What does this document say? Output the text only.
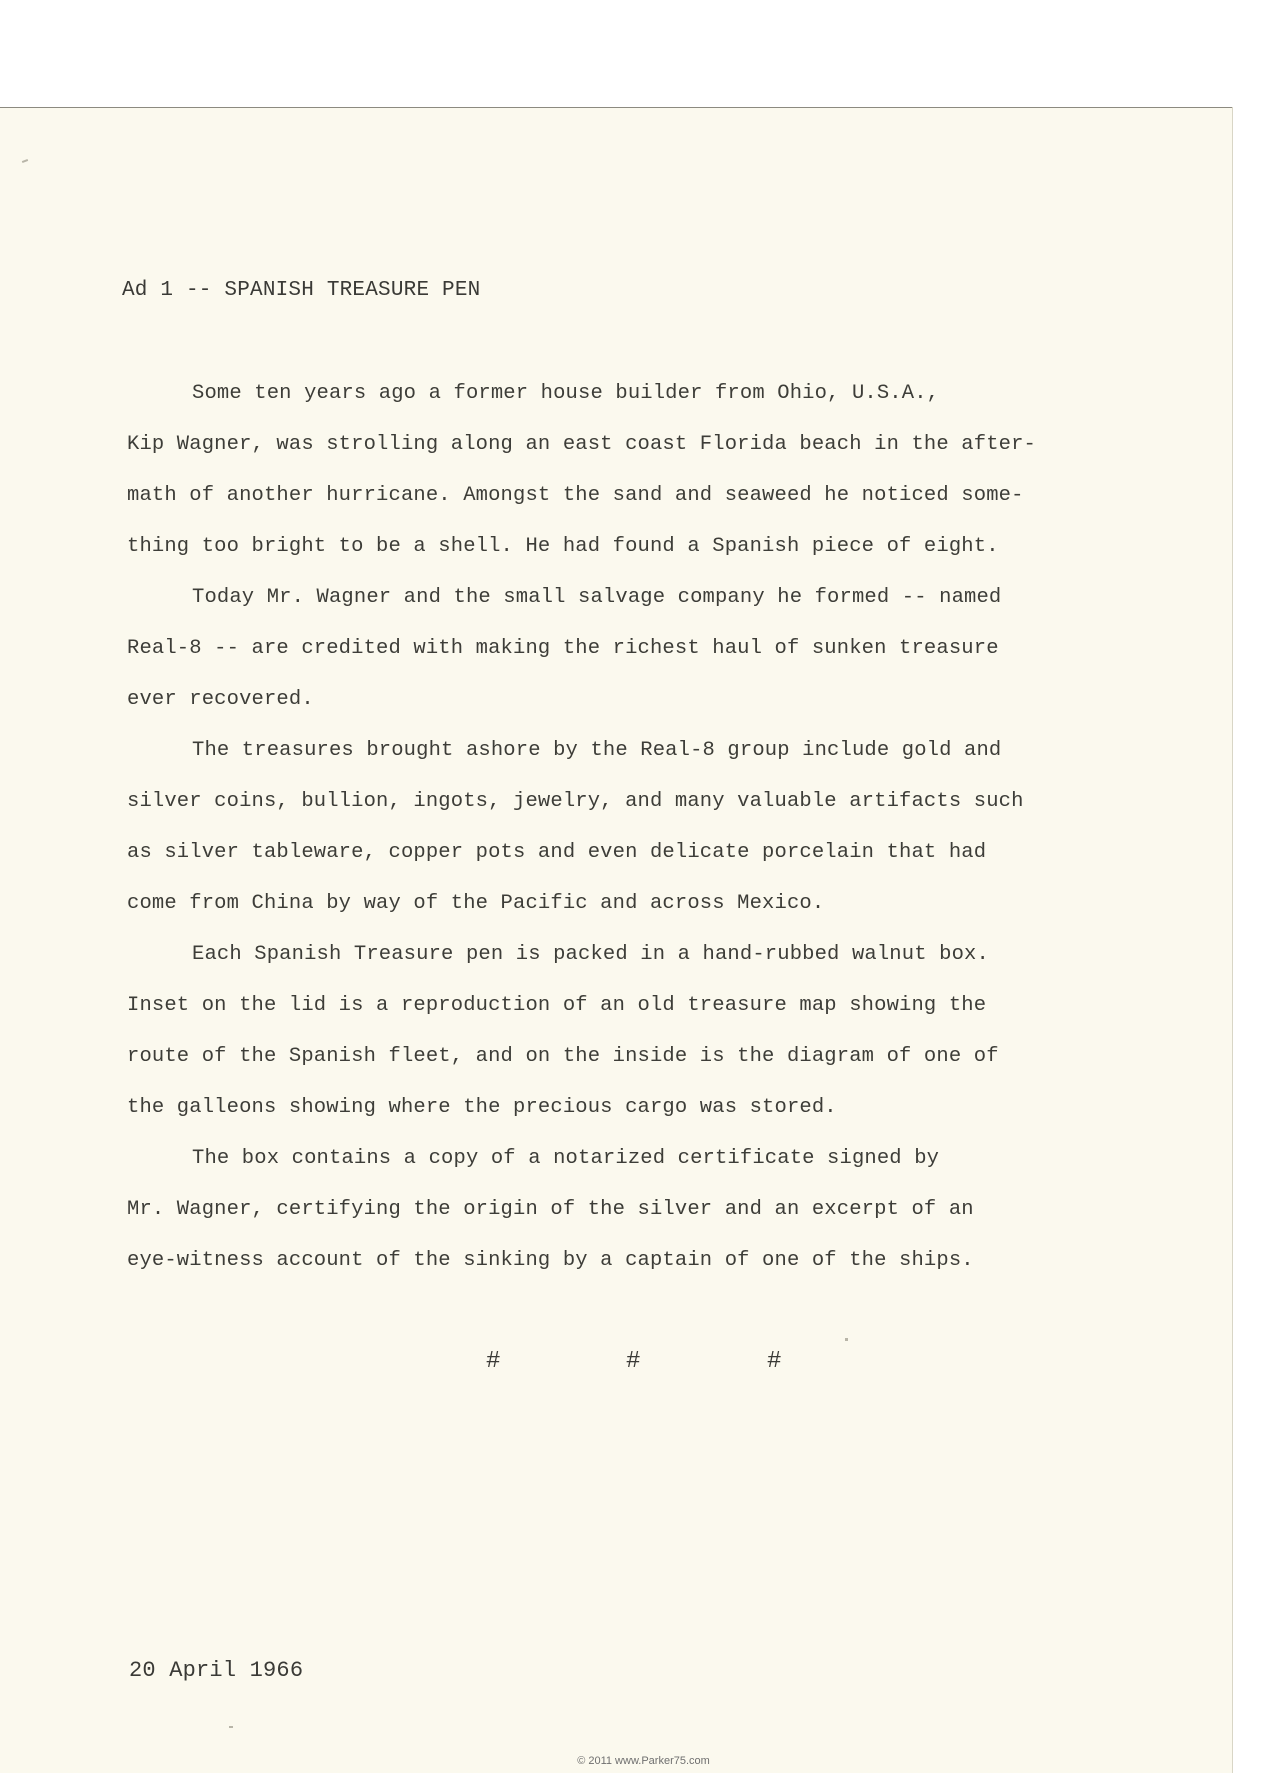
Ad 1 -- SPANISH TREASURE PEN
Some ten years ago a former house builder from Ohio, U.S.A.,
Kip Wagner, was strolling along an east coast Florida beach in the after-
math of another hurricane. Amongst the sand and seaweed he noticed some-
thing too bright to be a shell. He had found a Spanish piece of eight.
Today Mr. Wagner and the small salvage company he formed -- named
Real-8 -- are credited with making the richest haul of sunken treasure
ever recovered.
The treasures brought ashore by the Real-8 group include gold and
silver coins, bullion, ingots, jewelry, and many valuable artifacts such
as silver tableware, copper pots and even delicate porcelain that had
come from China by way of the Pacific and across Mexico.
Each Spanish Treasure pen is packed in a hand-rubbed walnut box.
Inset on the lid is a reproduction of an old treasure map showing the
route of the Spanish fleet, and on the inside is the diagram of one of
the galleons showing where the precious cargo was stored.
The box contains a copy of a notarized certificate signed by
Mr. Wagner, certifying the origin of the silver and an excerpt of an
eye-witness account of the sinking by a captain of one of the ships.
#	#	#
20 April 1966
© 2011 www.Parker75.com
